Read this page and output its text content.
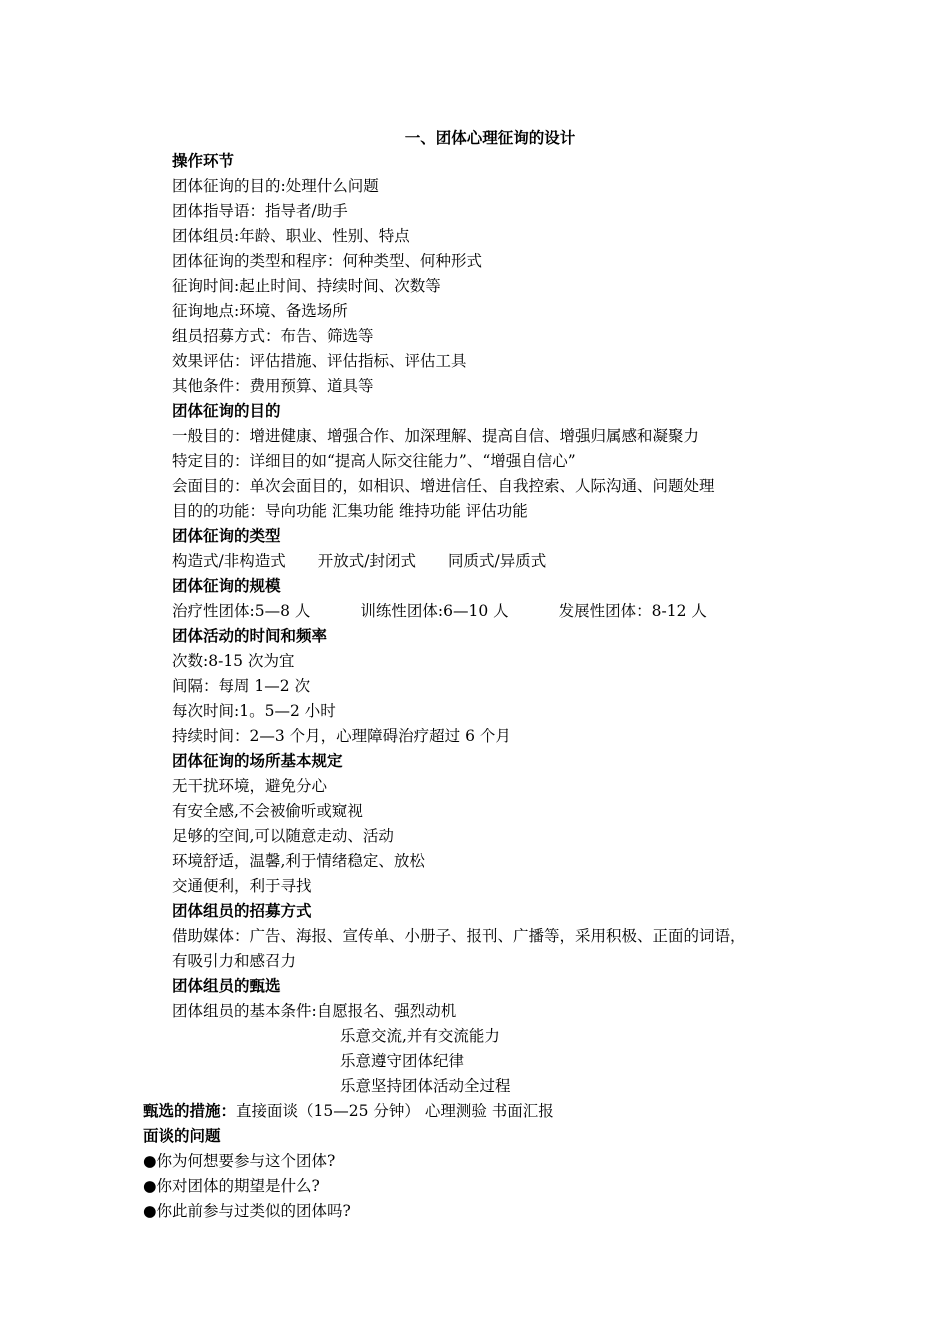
一、团体心理征询的设计
操作环节
团体征询的目的:处理什么问题
团体指导语：指导者/助手
团体组员:年龄、职业、性别、特点
团体征询的类型和程序：何种类型、何种形式
征询时间:起止时间、持续时间、次数等
征询地点:环境、备选场所
组员招募方式：布告、筛选等
效果评估：评估措施、评估指标、评估工具
其他条件：费用预算、道具等
团体征询的目的
一般目的：增进健康、增强合作、加深理解、提高自信、增强归属感和凝聚力
特定目的：详细目的如“提高人际交往能力”、“增强自信心”
会面目的：单次会面目的，如相识、增进信任、自我控索、人际沟通、问题处理
目的的功能：导向功能 汇集功能 维持功能 评估功能
团体征询的类型
构造式/非构造式 开放式/封闭式 同质式/异质式
团体征询的规模
治疗性团体:5—8 人	训练性团体:6—10 人	发展性团体：8-12 人
团体活动的时间和频率
次数:8-15 次为宜
间隔：每周 1—2 次
每次时间:1。5—2 小时
持续时间：2—3 个月，心理障碍治疗超过 6 个月
团体征询的场所基本规定
无干扰环境，避免分心
有安全感,不会被偷听或窥视
足够的空间,可以随意走动、活动
环境舒适，温馨,利于情绪稳定、放松
交通便利，利于寻找
团体组员的招募方式
借助媒体：广告、海报、宣传单、小册子、报刊、广播等，采用积极、正面的词语，
有吸引力和感召力
团体组员的甄选
团体组员的基本条件:自愿报名、强烈动机
乐意交流,并有交流能力
乐意遵守团体纪律
乐意坚持团体活动全过程
甄选的措施：直接面谈（15—25 分钟） 心理测验 书面汇报
面谈的问题
●你为何想要参与这个团体?
●你对团体的期望是什么?
●你此前参与过类似的团体吗?
